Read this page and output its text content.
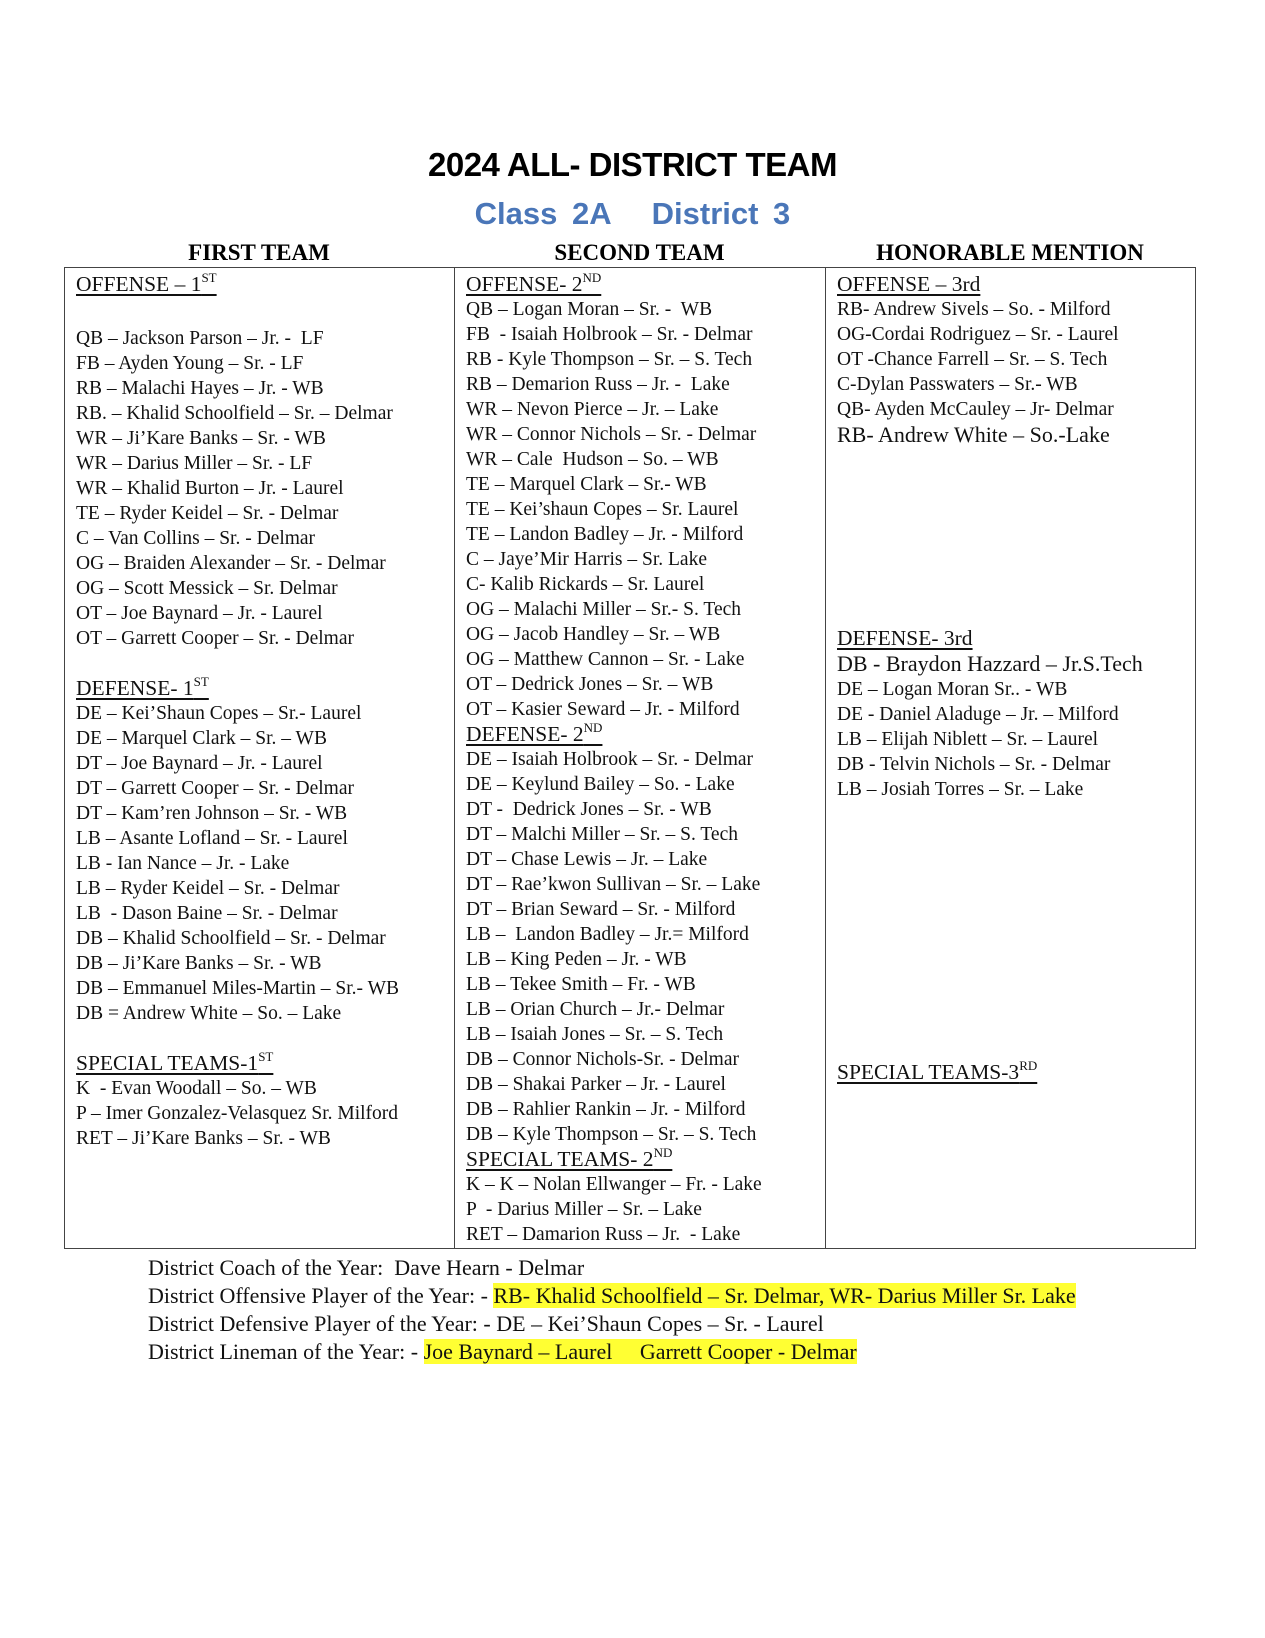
2024 ALL- DISTRICT TEAM
Class 2A District 3
FIRST TEAM	SECOND TEAM	HONORABLE MENTION
OFFENSE – 1ST
QB – Jackson Parson – Jr. -  LF
FB – Ayden Young – Sr. - LF
RB – Malachi Hayes – Jr. - WB
RB. – Khalid Schoolfield – Sr. – Delmar
WR – Ji’Kare Banks – Sr. - WB
WR – Darius Miller – Sr. - LF
WR – Khalid Burton – Jr. - Laurel
TE – Ryder Keidel – Sr. - Delmar
C – Van Collins – Sr. - Delmar
OG – Braiden Alexander – Sr. - Delmar
OG – Scott Messick – Sr. Delmar
OT – Joe Baynard – Jr. - Laurel
OT – Garrett Cooper – Sr. - Delmar
DEFENSE- 1ST
DE – Kei’Shaun Copes – Sr.- Laurel
DE – Marquel Clark – Sr. – WB
DT – Joe Baynard – Jr. - Laurel
DT – Garrett Cooper – Sr. - Delmar
DT – Kam’ren Johnson – Sr. - WB
LB – Asante Lofland – Sr. - Laurel
LB - Ian Nance – Jr. - Lake
LB – Ryder Keidel – Sr. - Delmar
LB  - Dason Baine – Sr. - Delmar
DB – Khalid Schoolfield – Sr. - Delmar
DB – Ji’Kare Banks – Sr. - WB
DB – Emmanuel Miles-Martin – Sr.- WB
DB = Andrew White – So. – Lake
SPECIAL TEAMS-1ST
K  - Evan Woodall – So. – WB
P – Imer Gonzalez-Velasquez Sr. Milford
RET – Ji’Kare Banks – Sr. - WB
OFFENSE- 2ND
QB – Logan Moran – Sr. -  WB
FB  - Isaiah Holbrook – Sr. - Delmar
RB - Kyle Thompson – Sr. – S. Tech
RB – Demarion Russ – Jr. -  Lake
WR – Nevon Pierce – Jr. – Lake
WR – Connor Nichols – Sr. - Delmar
WR – Cale  Hudson – So. – WB
TE – Marquel Clark – Sr.- WB
TE – Kei’shaun Copes – Sr. Laurel
TE – Landon Badley – Jr. - Milford
C – Jaye’Mir Harris – Sr. Lake
C- Kalib Rickards – Sr. Laurel
OG – Malachi Miller – Sr.- S. Tech
OG – Jacob Handley – Sr. – WB
OG – Matthew Cannon – Sr. - Lake
OT – Dedrick Jones – Sr. – WB
OT – Kasier Seward – Jr. - Milford
DEFENSE- 2ND
DE – Isaiah Holbrook – Sr. - Delmar
DE – Keylund Bailey – So. - Lake
DT -  Dedrick Jones – Sr. - WB
DT – Malchi Miller – Sr. – S. Tech
DT – Chase Lewis – Jr. – Lake
DT – Rae’kwon Sullivan – Sr. – Lake
DT – Brian Seward – Sr. - Milford
LB –  Landon Badley – Jr.= Milford
LB – King Peden – Jr. - WB
LB – Tekee Smith – Fr. - WB
LB – Orian Church – Jr.- Delmar
LB – Isaiah Jones – Sr. – S. Tech
DB – Connor Nichols-Sr. - Delmar
DB – Shakai Parker – Jr. - Laurel
DB – Rahlier Rankin – Jr. - Milford
DB – Kyle Thompson – Sr. – S. Tech
SPECIAL TEAMS- 2ND
K – K – Nolan Ellwanger – Fr. - Lake
P  - Darius Miller – Sr. – Lake
RET – Damarion Russ – Jr.  - Lake
OFFENSE – 3rd
RB- Andrew Sivels – So. - Milford
OG-Cordai Rodriguez – Sr. - Laurel
OT -Chance Farrell – Sr. – S. Tech
C-Dylan Passwaters – Sr.- WB
QB- Ayden McCauley – Jr- Delmar
RB- Andrew White – So.-Lake
DEFENSE- 3rd
DB - Braydon Hazzard – Jr.S.Tech
DE – Logan Moran Sr.. - WB
DE - Daniel Aladuge – Jr. – Milford
LB – Elijah Niblett – Sr. – Laurel
DB - Telvin Nichols – Sr. - Delmar
LB – Josiah Torres – Sr. – Lake
SPECIAL TEAMS-3RD
District Coach of the Year:  Dave Hearn - Delmar
District Offensive Player of the Year: - RB- Khalid Schoolfield – Sr. Delmar, WR- Darius Miller Sr. Lake
District Defensive Player of the Year: - DE – Kei’Shaun Copes – Sr. - Laurel
District Lineman of the Year: - Joe Baynard – Laurel     Garrett Cooper - Delmar
